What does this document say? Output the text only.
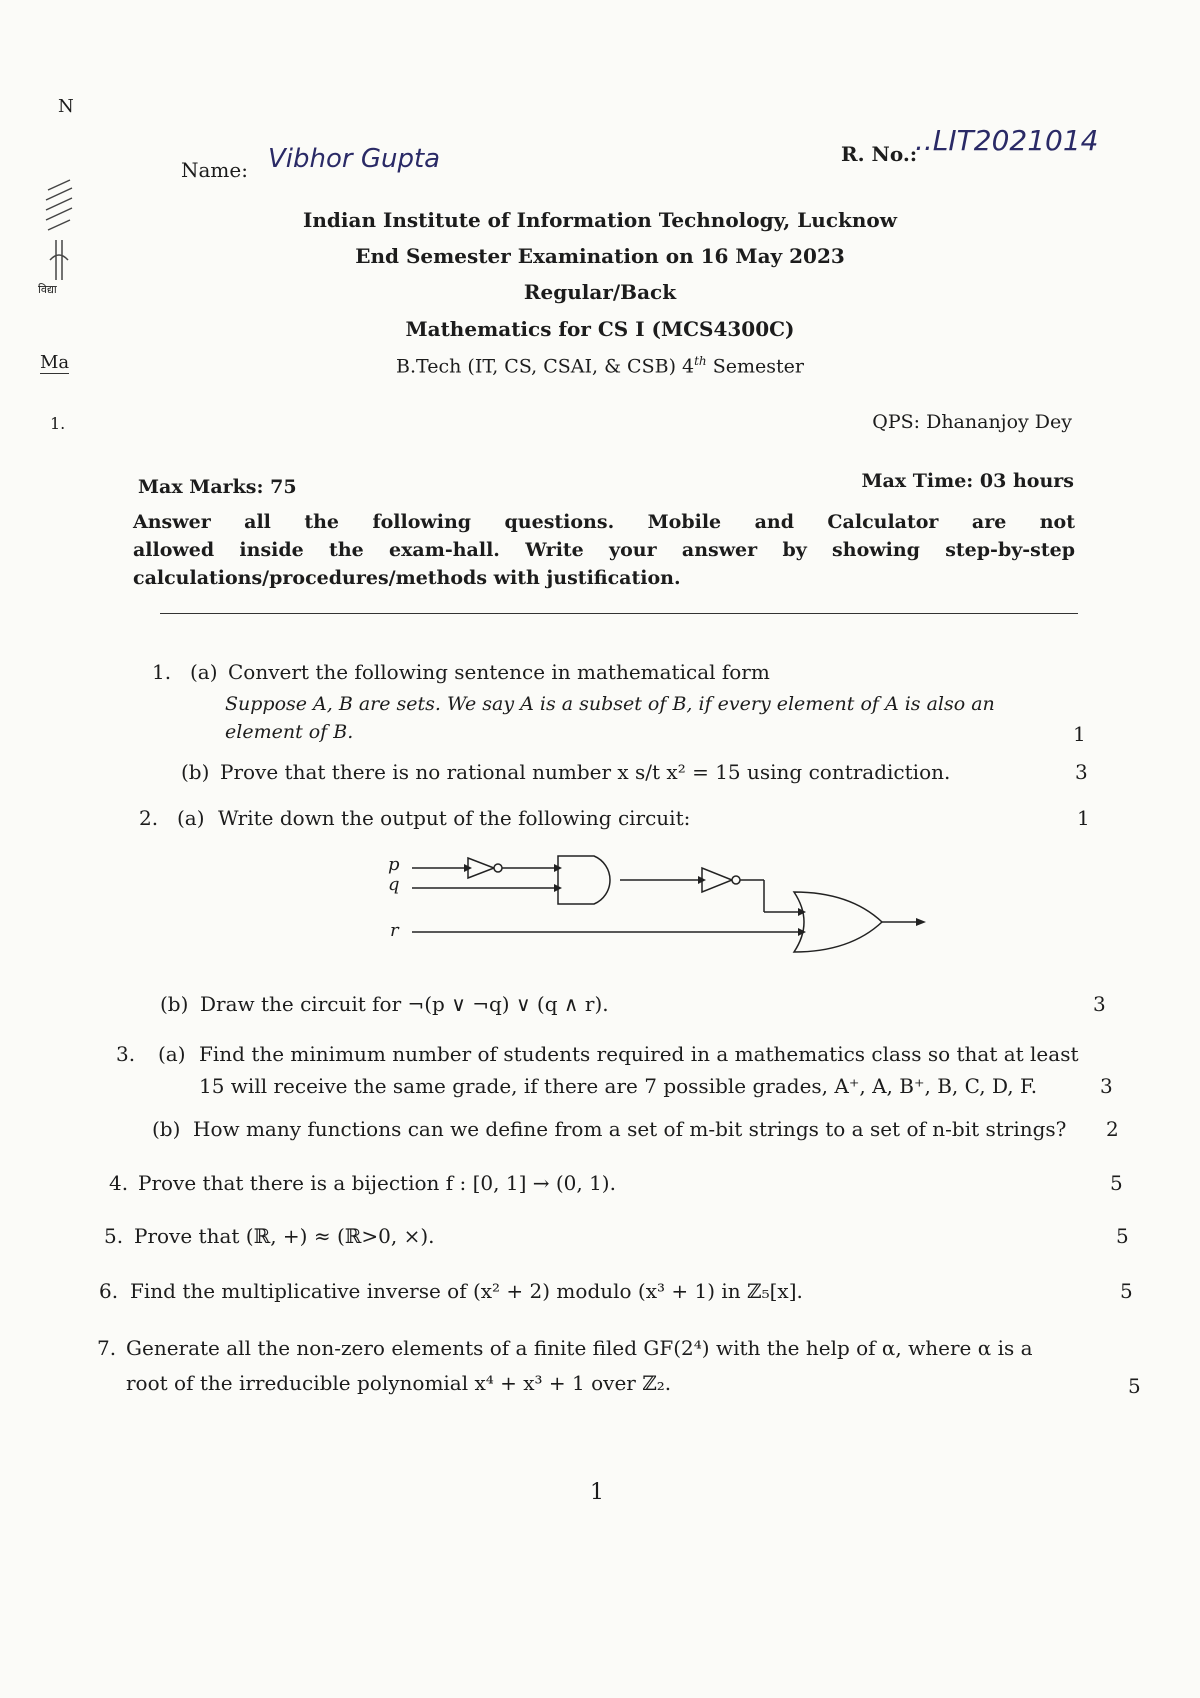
N
विद्या
Ma
1.
Name: Vibhor Gupta	R. No.:
..LIT2021014
Indian Institute of Information Technology, Lucknow
End Semester Examination on 16 May 2023
Regular/Back
Mathematics for CS I (MCS4300C)
B.Tech (IT, CS, CSAI, & CSB) 4th Semester
QPS: Dhananjoy Dey
Max Marks: 75	Max Time: 03 hours
Answer all the following questions. Mobile and Calculator are not
allowed inside the exam-hall. Write your answer by showing step-by-step
calculations/procedures/methods with justification.
1. (a) Convert the following sentence in mathematical form
Suppose A, B are sets. We say A is a subset of B, if every element of A is also an
element of B.	1
(b) Prove that there is no rational number x s/t x² = 15 using contradiction.	3
2. (a) Write down the output of the following circuit:	1
p
q
r
(b) Draw the circuit for ¬(p ∨ ¬q) ∨ (q ∧ r).	3
3. (a) Find the minimum number of students required in a mathematics class so that at least
15 will receive the same grade, if there are 7 possible grades, A⁺, A, B⁺, B, C, D, F.	3
(b) How many functions can we define from a set of m-bit strings to a set of n-bit strings? 2
4. Prove that there is a bijection f : [0, 1] → (0, 1).	5
5. Prove that (ℝ, +) ≈ (ℝ>0, ×).	5
6. Find the multiplicative inverse of (x² + 2) modulo (x³ + 1) in ℤ₅[x].	5
7. Generate all the non-zero elements of a finite filed GF(2⁴) with the help of α, where α is a
root of the irreducible polynomial x⁴ + x³ + 1 over ℤ₂.	5
1
